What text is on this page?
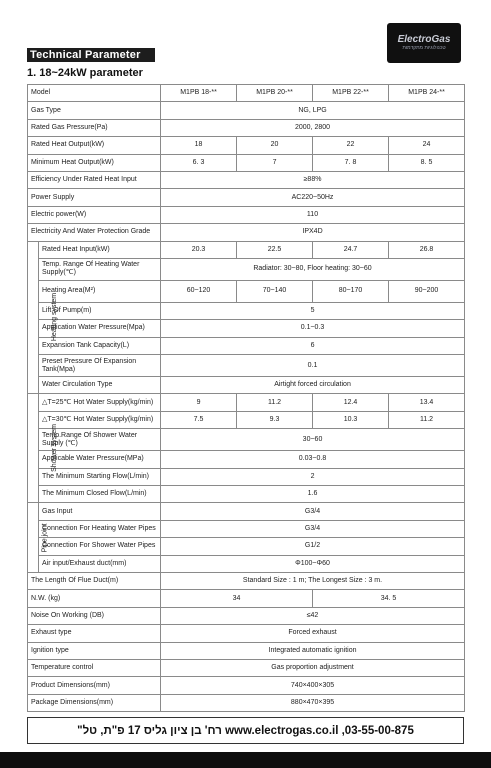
Technical Parameter
1. 18~24kW parameter
ElectroGas
טכנולוגיות מתקדמות
Model		M1PB 18-**	M1PB 20-**	M1PB 22-**	M1PB 24-**
Gas Type		NG, LPG			
Rated Gas Pressure(Pa)		2000, 2800			
Rated Heat Output(kW)		18	20	22	24
Minimum Heat Output(kW)		6. 3	7	7. 8	8. 5
Efficiency Under Rated Heat Input		≥88%			
Power Supply		AC220~50Hz			
Electric power(W)		110			
Electricity And Water Protection Grade		IPX4D			
Heating system	Rated Heat Input(kW)	20.3	22.5	24.7	26.8
	Temp. Range Of Heating Water Supply(℃)	Radiator: 30~80, Floor heating: 30~60			
	Heating Area(M²)	60~120	70~140	80~170	90~200
	Lift Of Pump(m)	5			
	Application Water Pressure(Mpa)	0.1~0.3			
	Expansion Tank Capacity(L)	6			
	Preset Pressure Of Expansion Tank(Mpa)	0.1			
	Water Circulation Type	Airtight forced circulation			
Shower system	△T=25℃ Hot Water Supply(kg/min)	9	11.2	12.4	13.4
	△T=30℃ Hot Water Supply(kg/min)	7.5	9.3	10.3	11.2
	Temp.Range Of Shower Water Supply (℃)	30~60			
	Applicable Water Pressure(MPa)	0.03~0.8			
	The Minimum Starting Flow(L/min)	2			
	The Minimum Closed Flow(L/min)	1.6			
Pipe joint	Gas Input	G3/4			
	Connection For Heating Water Pipes	G3/4			
	Connection For Shower Water Pipes	G1/2			
	Air input/Exhaust duct(mm)	Φ100~Φ60			
The Length Of Flue Duct(m)		Standard Size : 1 m; The Longest Size : 3 m.			
N.W. (kg)		34		34. 5	
Noise On Working (DB)		≤42			
Exhaust type		Forced exhaust			
Ignition type		Integrated automatic ignition			
Temperature control		Gas proportion adjustment			
Product Dimensions(mm)		740×400×305			
Package Dimensions(mm)		880×470×395			
www.electrogas.co.il ,03-55-00-875 רח' בן ציון גליס 17 פ"ת, טל"
